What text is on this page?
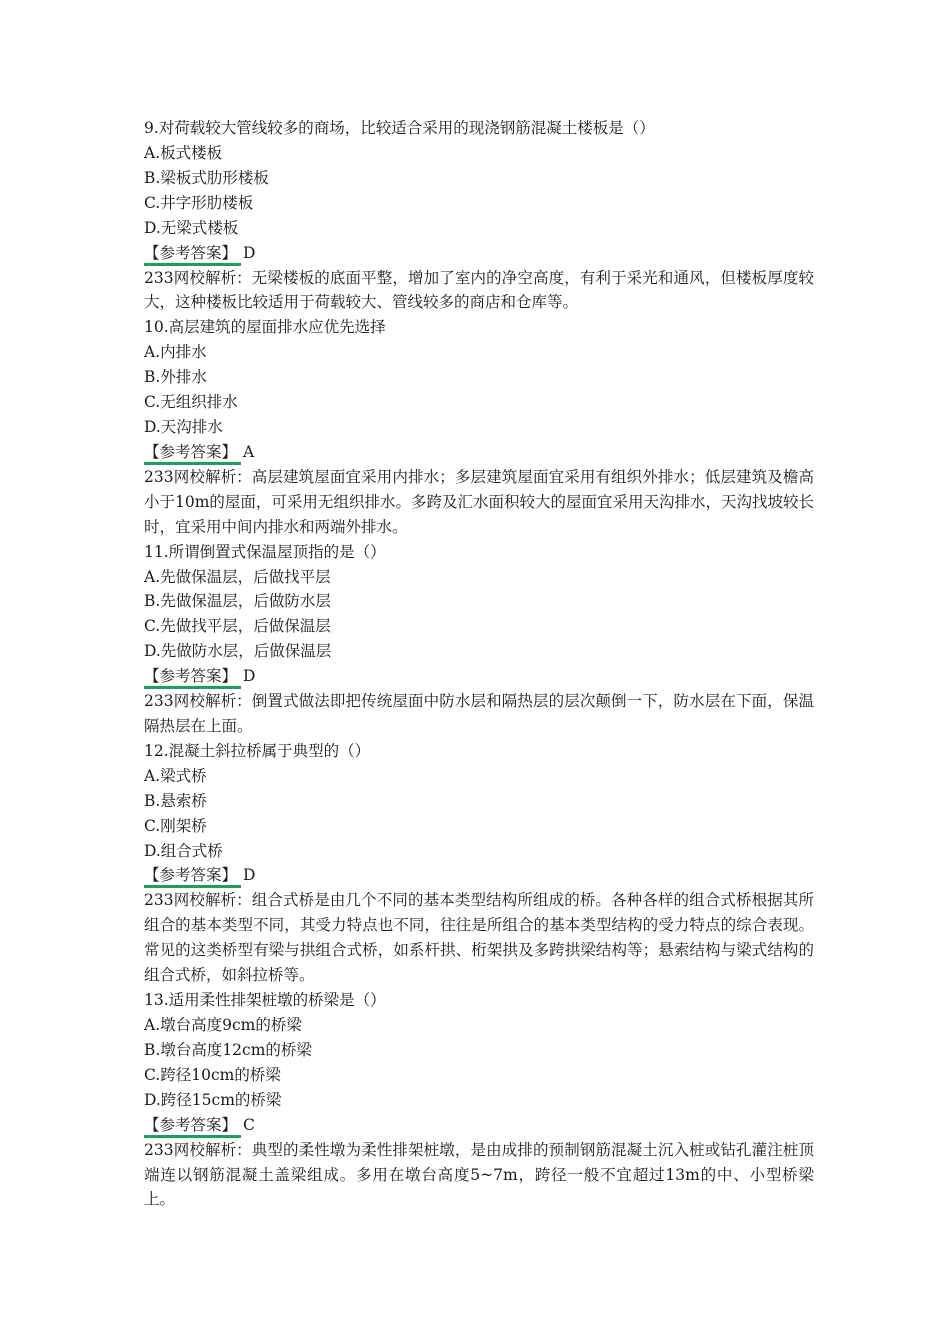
9.对荷载较大管线较多的商场，比较适合采用的现浇钢筋混凝土楼板是（）
A.板式楼板
B.梁板式肋形楼板
C.井字形肋楼板
D.无梁式楼板
【参考答案】 D
233网校解析：无梁楼板的底面平整，增加了室内的净空高度，有利于采光和通风，但楼板厚度较大，这种楼板比较适用于荷载较大、管线较多的商店和仓库等。
10.高层建筑的屋面排水应优先选择
A.内排水
B.外排水
C.无组织排水
D.天沟排水
【参考答案】 A
233网校解析：高层建筑屋面宜采用内排水；多层建筑屋面宜采用有组织外排水；低层建筑及檐高小于10m的屋面，可采用无组织排水。多跨及汇水面积较大的屋面宜采用天沟排水，天沟找坡较长时，宜采用中间内排水和两端外排水。
11.所谓倒置式保温屋顶指的是（）
A.先做保温层，后做找平层
B.先做保温层，后做防水层
C.先做找平层，后做保温层
D.先做防水层，后做保温层
【参考答案】 D
233网校解析：倒置式做法即把传统屋面中防水层和隔热层的层次颠倒一下，防水层在下面，保温隔热层在上面。
12.混凝土斜拉桥属于典型的（）
A.梁式桥
B.悬索桥
C.刚架桥
D.组合式桥
【参考答案】 D
233网校解析：组合式桥是由几个不同的基本类型结构所组成的桥。各种各样的组合式桥根据其所组合的基本类型不同，其受力特点也不同，往往是所组合的基本类型结构的受力特点的综合表现。常见的这类桥型有梁与拱组合式桥，如系杆拱、桁架拱及多跨拱梁结构等；悬索结构与梁式结构的组合式桥，如斜拉桥等。
13.适用柔性排架桩墩的桥梁是（）
A.墩台高度9cm的桥梁
B.墩台高度12cm的桥梁
C.跨径10cm的桥梁
D.跨径15cm的桥梁
【参考答案】 C
233网校解析：典型的柔性墩为柔性排架桩墩，是由成排的预制钢筋混凝土沉入桩或钻孔灌注桩顶端连以钢筋混凝土盖梁组成。多用在墩台高度5~7m，跨径一般不宜超过13m的中、小型桥梁上。
